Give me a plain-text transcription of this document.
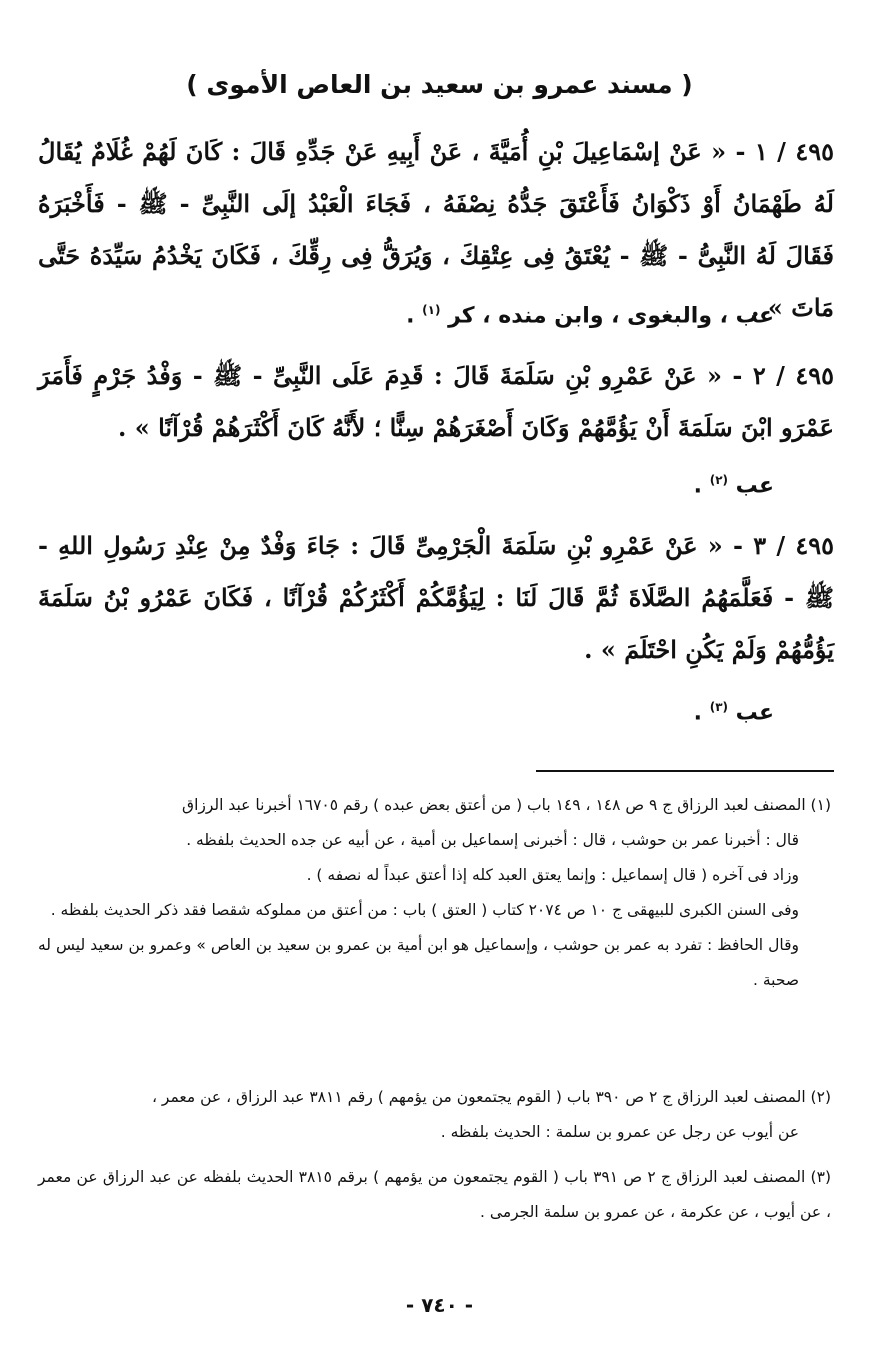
( مسند عمرو بن سعيد بن العاص الأموى )
٤٩٥ / ١ - « عَنْ إسْمَاعِيلَ بْنِ أُمَيَّةَ ، عَنْ أَبِيهِ عَنْ جَدِّهِ قَالَ : كَانَ لَهُمْ غُلَامٌ يُقَالُ لَهُ طَهْمَانُ أَوْ ذَكْوَانُ فَأَعْتَقَ جَدُّهُ نِصْفَهُ ، فَجَاءَ الْعَبْدُ إلَى النَّبِىِّ - ﷺ - فَأَخْبَرَهُ فَقَالَ لَهُ النَّبِىُّ - ﷺ - يُعْتَقُ فِى عِتْقِكَ ، وَيُرَقُّ فِى رِقِّكَ ، فَكَانَ يَخْدُمُ سَيِّدَهُ حَتَّى مَاتَ » .
عب ، والبغوى ، وابن منده ، كر $^{(١)}$ .
٤٩٥ / ٢ - « عَنْ عَمْرِو بْنِ سَلَمَةَ قَالَ : قَدِمَ عَلَى النَّبِىِّ - ﷺ - وَفْدُ جَرْمٍ فَأَمَرَ عَمْرَو ابْنَ سَلَمَةَ أَنْ يَؤُمَّهُمْ وَكَانَ أَصْغَرَهُمْ سِنًّا ؛ لأَنَّهُ كَانَ أَكْثَرَهُمْ قُرْآنًا » .
عب $^{(٢)}$ .
٤٩٥ / ٣ - « عَنْ عَمْرِو بْنِ سَلَمَةَ الْجَرْمِىِّ قَالَ : جَاءَ وَفْدٌ مِنْ عِنْدِ رَسُولِ اللهِ - ﷺ - فَعَلَّمَهُمُ الصَّلَاةَ ثُمَّ قَالَ لَنَا : لِيَؤُمَّكُمْ أَكْثَرُكُمْ قُرْآنًا ، فَكَانَ عَمْرُو بْنُ سَلَمَةَ يَؤُمُّهُمْ وَلَمْ يَكُنِ احْتَلَمَ » .
عب $^{(٣)}$ .
(١) المصنف لعبد الرزاق ج ٩ ص ١٤٨ ، ١٤٩ باب ( من أعتق بعض عبده ) رقم ١٦٧٠٥ أخبرنا عبد الرزاق
قال : أخبرنا عمر بن حوشب ، قال : أخبرنى إسماعيل بن أمية ، عن أبيه عن جده الحديث بلفظه .
وزاد فى آخره ( قال إسماعيل : وإنما يعتق العبد كله إذا أعتق عبداً له نصفه ) .
وفى السنن الكبرى للبيهقى ج ١٠ ص ٢٠٧٤ كتاب ( العتق ) باب : من أعتق من مملوكه شقصا فقد ذكر الحديث بلفظه .
وقال الحافظ : تفرد به عمر بن حوشب ، وإسماعيل هو ابن أمية بن عمرو بن سعيد بن العاص » وعمرو بن سعيد ليس له صحبة .
(٢) المصنف لعبد الرزاق ج ٢ ص ٣٩٠ باب ( القوم يجتمعون من يؤمهم ) رقم ٣٨١١ عبد الرزاق ، عن معمر ،
عن أيوب عن رجل عن عمرو بن سلمة : الحديث بلفظه .
(٣) المصنف لعبد الرزاق ج ٢ ص ٣٩١ باب ( القوم يجتمعون من يؤمهم ) برقم ٣٨١٥ الحديث بلفظه عن عبد الرزاق عن معمر ، عن أيوب ، عن عكرمة ، عن عمرو بن سلمة الجرمى .
- ٧٤٠ -
